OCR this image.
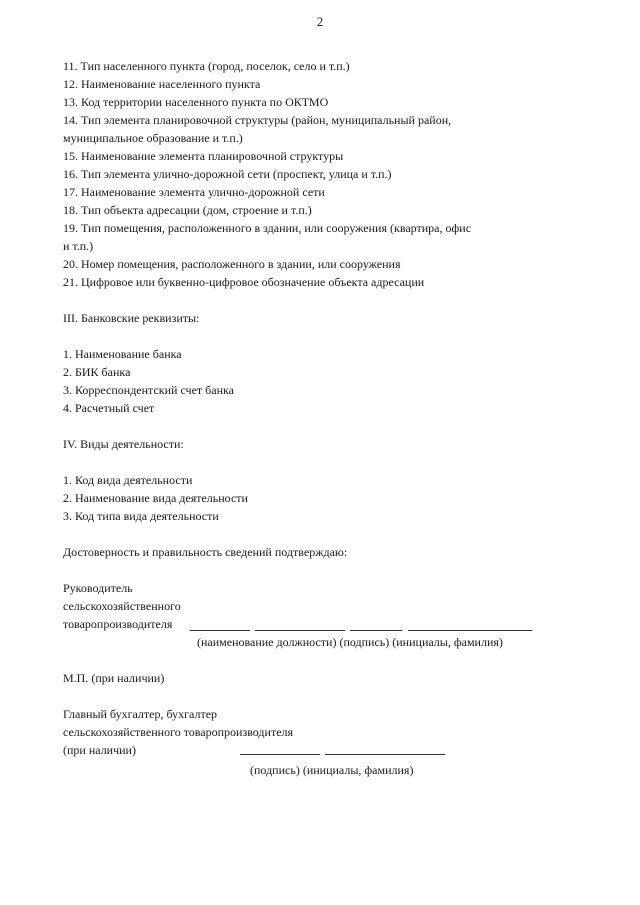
2
11. Тип населенного пункта (город, поселок, село и т.п.)
12. Наименование населенного пункта
13. Код территории населенного пункта по ОКТМО
14. Тип элемента планировочной структуры (район, муниципальный район,
муниципальное образование и т.п.)
15. Наименование элемента планировочной структуры
16. Тип элемента улично-дорожной сети (проспект, улица и т.п.)
17. Наименование элемента улично-дорожной сети
18. Тип объекта адресации (дом, строение и т.п.)
19. Тип помещения, расположенного в здании, или сооружения (квартира, офис
и т.п.)
20. Номер помещения, расположенного в здании, или сооружения
21. Цифровое или буквенно-цифровое обозначение объекта адресации
III. Банковские реквизиты:
1. Наименование банка
2. БИК банка
3. Корреспондентский счет банка
4. Расчетный счет
IV. Виды деятельности:
1. Код вида деятельности
2. Наименование вида деятельности
3. Код типа вида деятельности
Достоверность и правильность сведений подтверждаю:
Руководитель
сельскохозяйственного
товаропроизводителя
(наименование должности) (подпись) (инициалы, фамилия)
М.П. (при наличии)
Главный бухгалтер, бухгалтер
сельскохозяйственного товаропроизводителя
(при наличии)
(подпись) (инициалы, фамилия)
